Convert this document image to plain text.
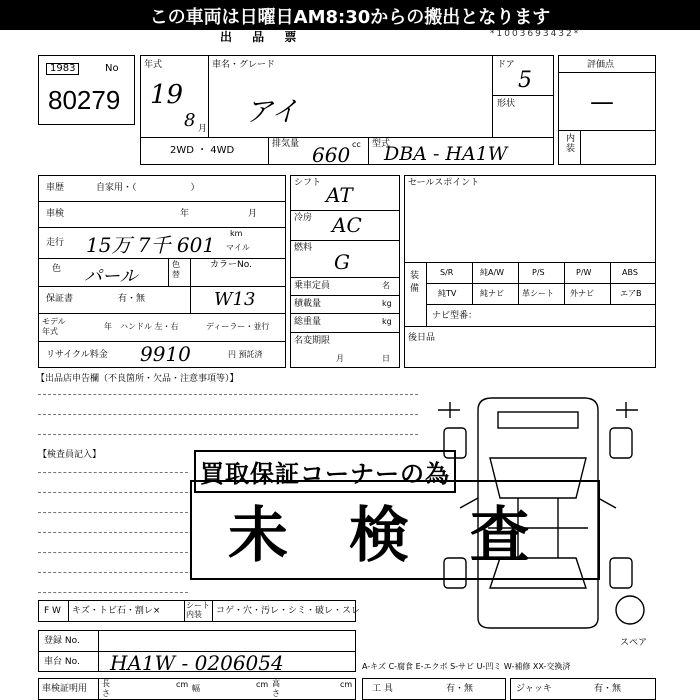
この車両は日曜日AM8:30からの搬出となります
出 品 票	*1003693432*
1983	No
80279
年式
19
8 月
車名・グレード
アイ
ドア
5
形状
2WD ・ 4WD
排気量 660 cc 型式
DBA - HA1W
評価点
—
内装
車歴	自家用・（　　　　　　）
車検	年	月
走行 15万 7千 601 km
マイル
色 パール
色替
カラーNo.
保証書	有・無	W13
モデル
年式
年 ハンドル 左・右	ディーラー・並行
リサイクル料金 9910	円 預託済
シフト AT
冷房 AC
燃料
G
乗車定員	名
積載量	kg
総重量	kg
名変期限
月	日
セールスポイント
装備
S/R	純A/W	P/S	P/W	ABS
純TV	純ナビ 革シート 外ナビ	エアB
ナビ型番：
後日品
【出品店申告欄（不良箇所・欠品・注意事項等）】
【検査員記入】
スペア
買取保証コーナーの為
未 検 査
F W キズ・トビ石・割レ×
シート内装	コゲ・穴・汚レ・シミ・破レ・スレ
登録 No.
車台 No. HA1W - 0206054	A-キズ C-腐食 E-エクボ S-サビ U-凹ミ W-補修 XX-交換済
車検証明用
長さ
cm 幅	cm 高さ
cm 工 具	有・無	ジャッキ	有・無
